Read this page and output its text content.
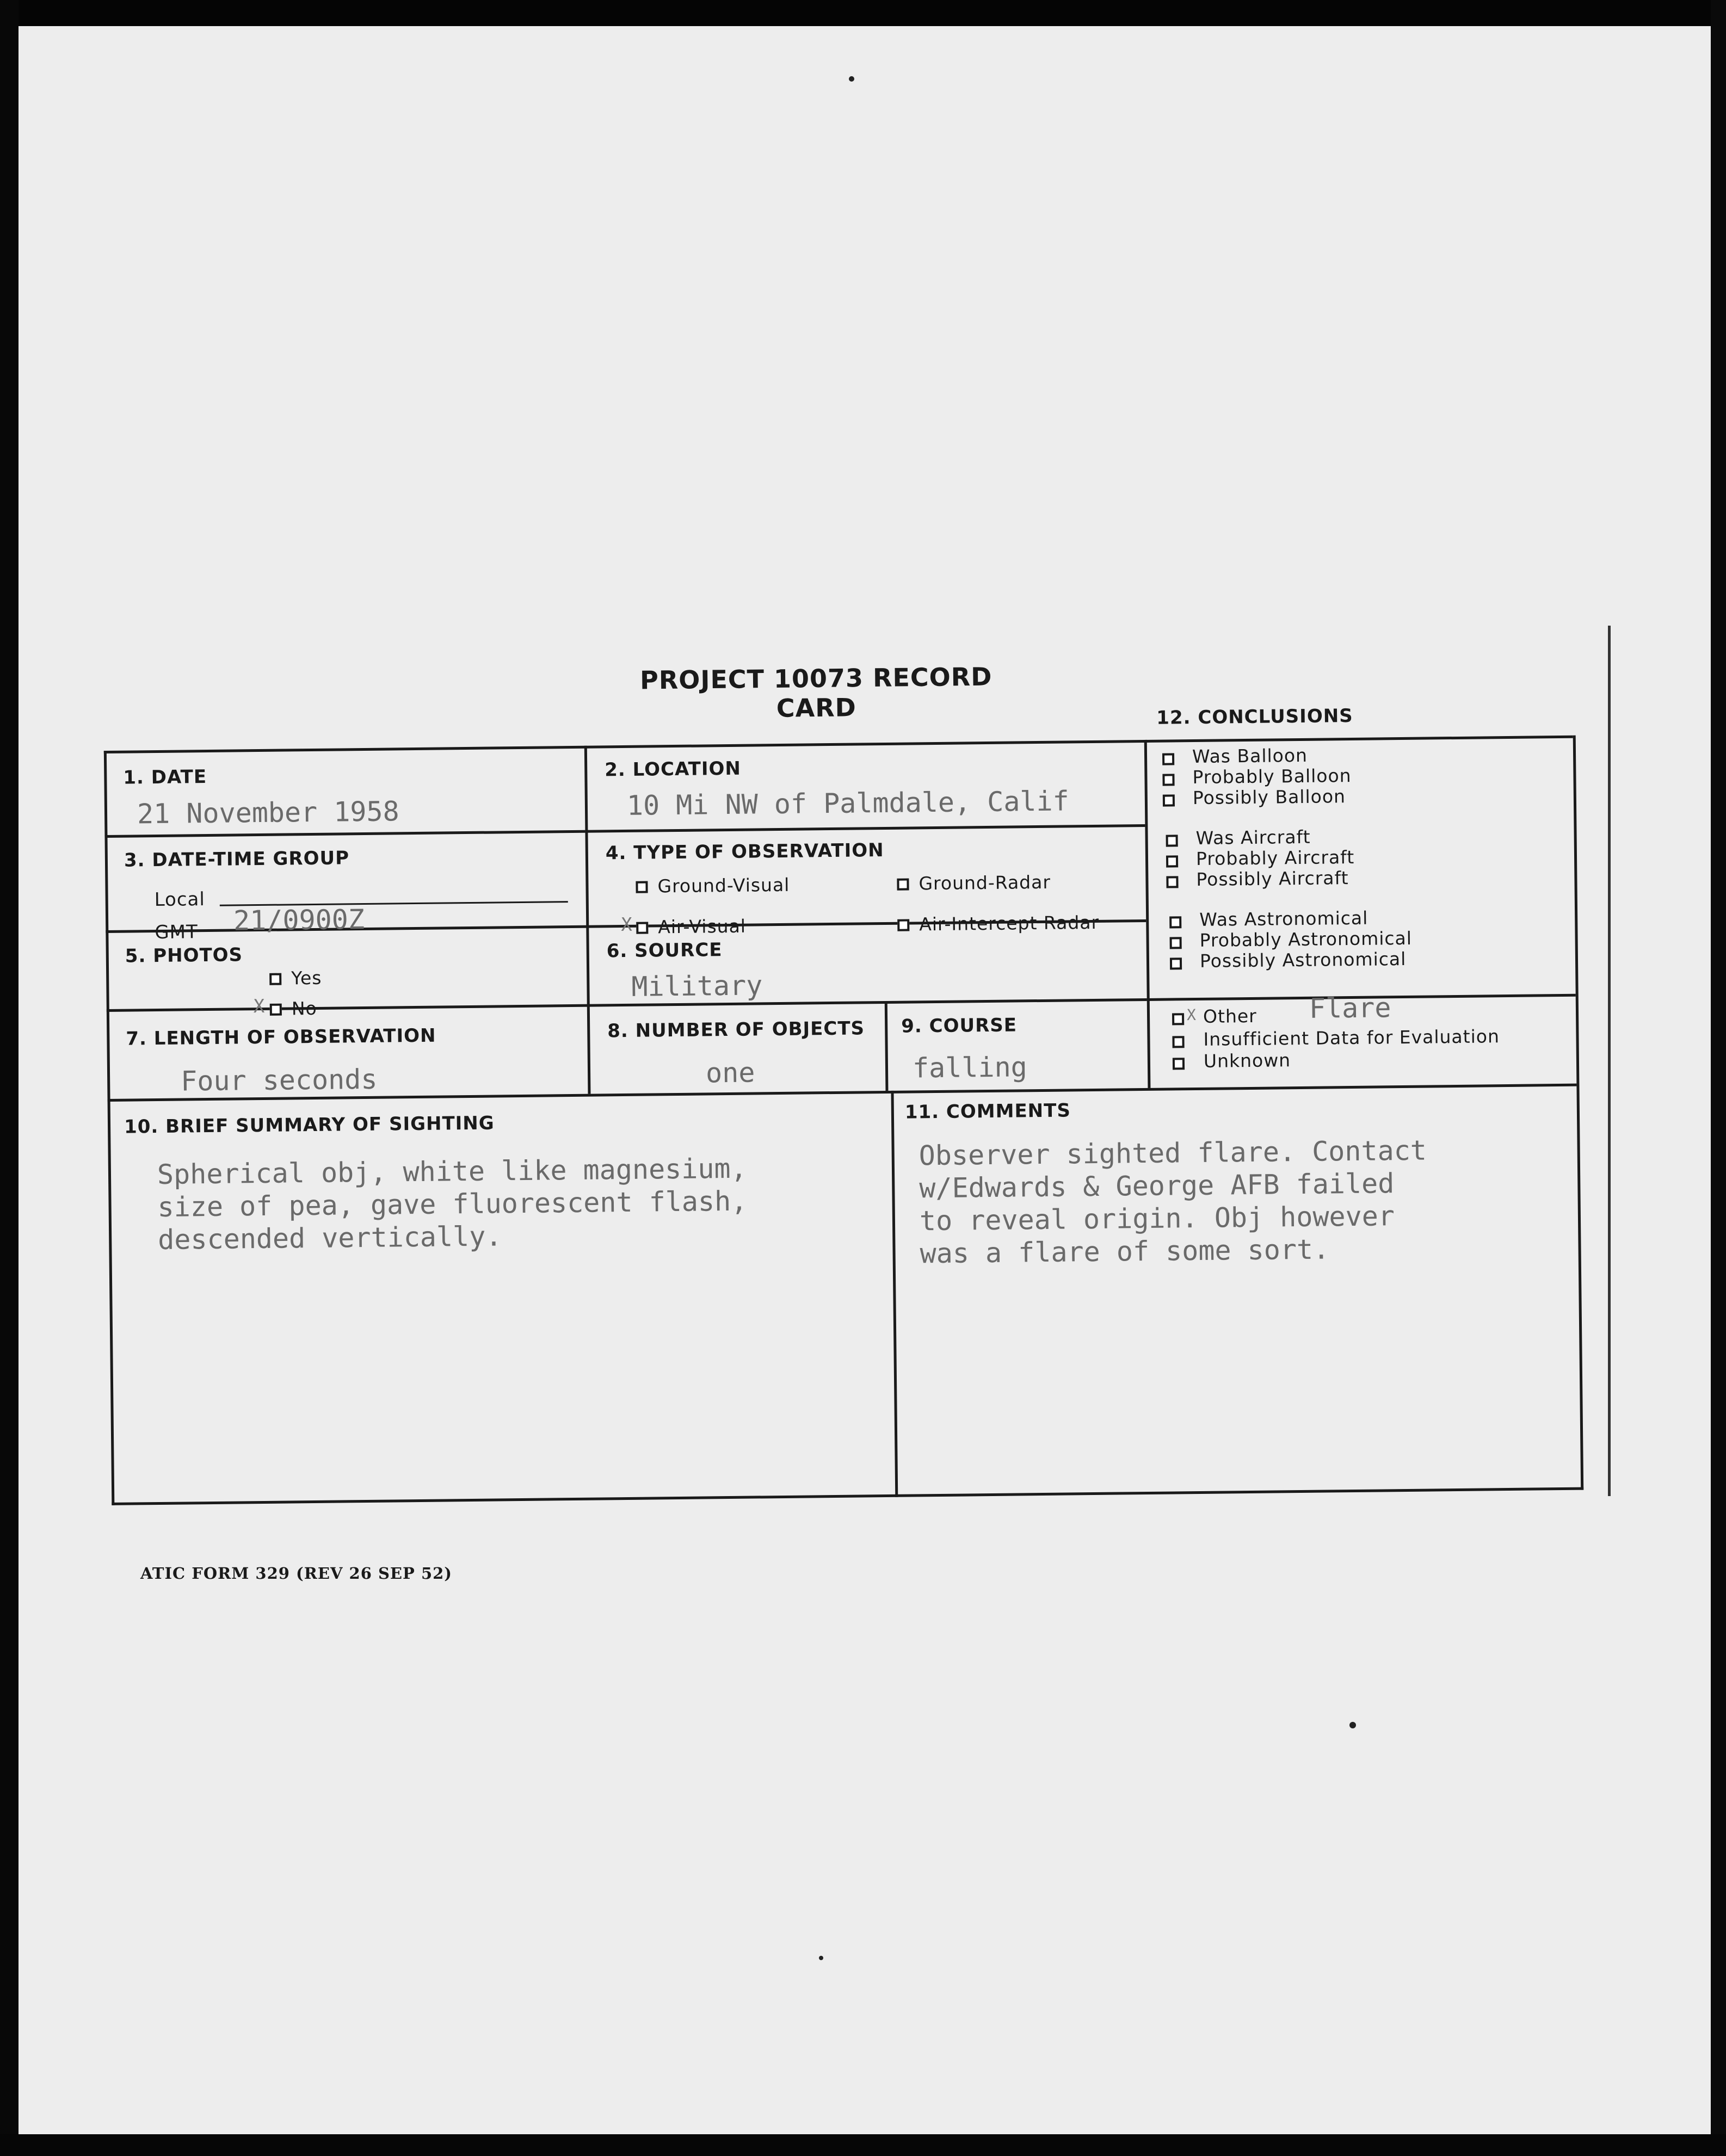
PROJECT 10073 RECORD CARD
1. DATE
21 November 1958
2. LOCATION
10 Mi NW of Palmdale, Calif
3. DATE-TIME GROUP
Local
GMT 21/0900Z
4. TYPE OF OBSERVATION
Ground-Visual	Ground-Radar
X Air-Visual	Air-Intercept Radar
5. PHOTOS
Yes
X No
6. SOURCE
Military
7. LENGTH OF OBSERVATION
Four seconds
8. NUMBER OF OBJECTS
one
9. COURSE
falling
10. BRIEF SUMMARY OF SIGHTING
Spherical obj, white like magnesium,
size of pea, gave fluorescent flash,
descended vertically.
11. COMMENTS
Observer sighted flare. Contact
w/Edwards & George AFB failed
to reveal origin. Obj however
was a flare of some sort.
12. CONCLUSIONS
Was Balloon
Probably Balloon
Possibly Balloon
Was Aircraft
Probably Aircraft
Possibly Aircraft
Was Astronomical
Probably Astronomical
Possibly Astronomical
X Other Flare
Insufficient Data for Evaluation
Unknown
ATIC FORM 329 (REV 26 SEP 52)
